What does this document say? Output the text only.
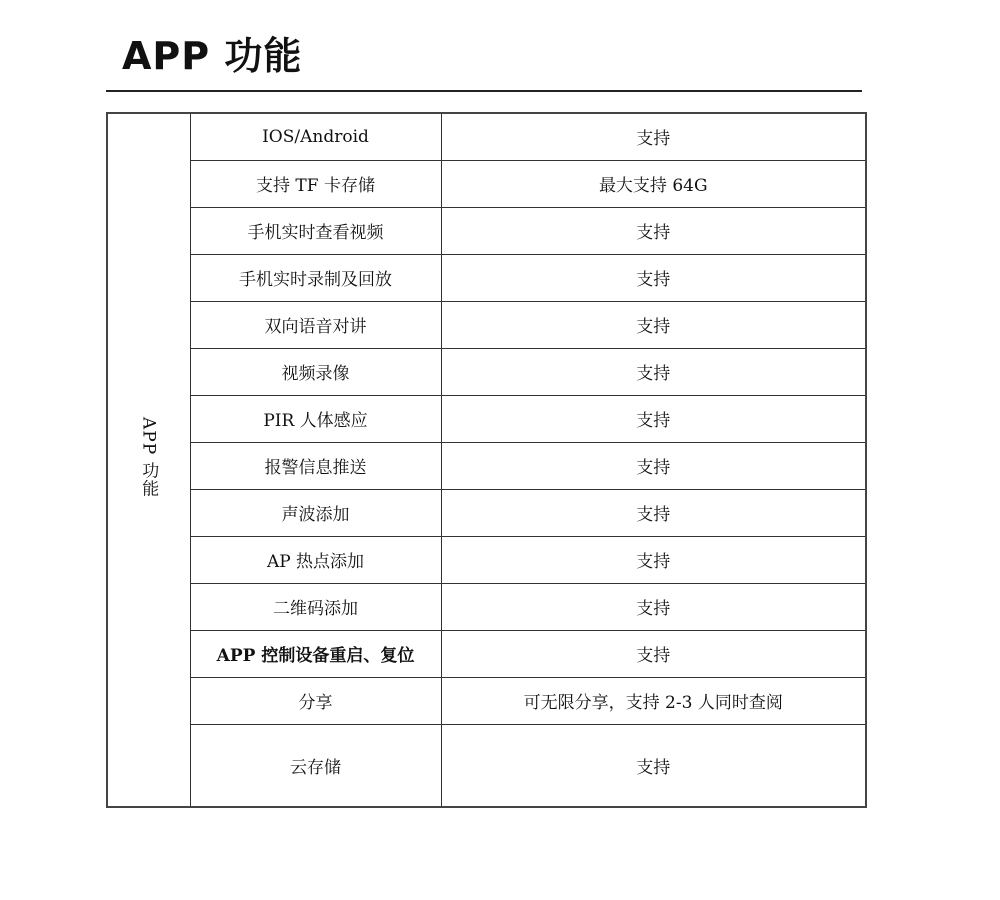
APP 功能
APP 功能	IOS/Android	支持
	支持 TF 卡存储	最大支持 64G
	手机实时查看视频	支持
	手机实时录制及回放	支持
	双向语音对讲	支持
	视频录像	支持
	PIR 人体感应	支持
	报警信息推送	支持
	声波添加	支持
	AP 热点添加	支持
	二维码添加	支持
	APP 控制设备重启、复位	支持
	分享	可无限分享，支持 2-3 人同时查阅
	云存储	支持
